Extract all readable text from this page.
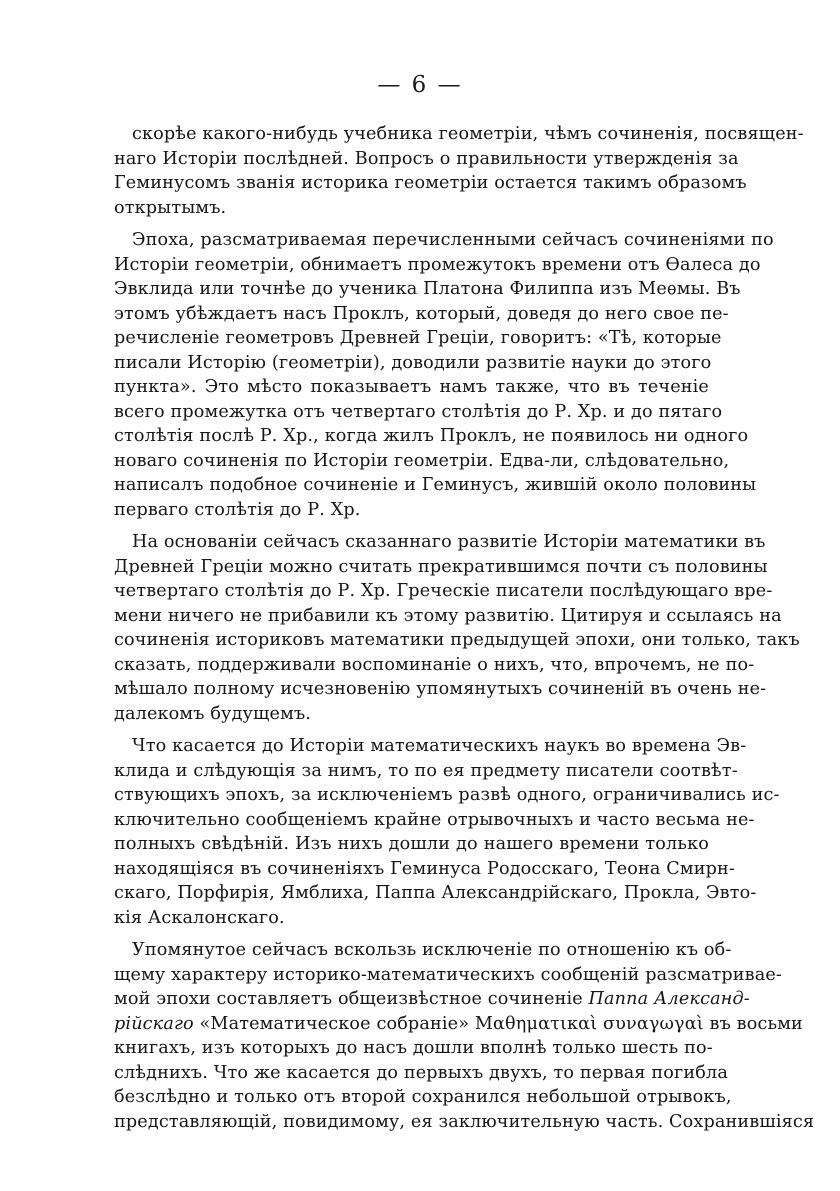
— 6 —
скорѣе какого-нибудь учебника геометріи, чѣмъ сочиненія, посвящен-
наго Исторіи послѣдней. Вопросъ о правильности утвержденія за
Геминусомъ званія историка геометріи остается такимъ образомъ
открытымъ.
Эпоха, разсматриваемая перечисленными сейчасъ сочиненіями по
Исторіи геометріи, обнимаетъ промежутокъ времени отъ Ѳалеса до
Эвклида или точнѣе до ученика Платона Филиппа изъ Меѳмы. Въ
этомъ убѣждаетъ насъ Проклъ, который, доведя до него свое пе-
речисленіе геометровъ Древней Греціи, говоритъ: «Тѣ, которые
писали Исторію (геометріи), доводили развитіе науки до этого
пункта». Это мѣсто показываетъ намъ также, что въ теченіе
всего промежутка отъ четвертаго столѣтія до Р. Хр. и до пятаго
столѣтія послѣ Р. Хр., когда жилъ Проклъ, не появилось ни одного
новаго сочиненія по Исторіи геометріи. Едва-ли, слѣдовательно,
написалъ подобное сочиненіе и Геминусъ, жившій около половины
перваго столѣтія до Р. Хр.
На основаніи сейчасъ сказаннаго развитіе Исторіи математики въ
Древней Греціи можно считать прекратившимся почти съ половины
четвертаго столѣтія до Р. Хр. Греческіе писатели послѣдующаго вре-
мени ничего не прибавили къ этому развитію. Цитируя и ссылаясь на
сочиненія историковъ математики предыдущей эпохи, они только, такъ
сказать, поддерживали воспоминаніе о нихъ, что, впрочемъ, не по-
мѣшало полному исчезновенію упомянутыхъ сочиненій въ очень не-
далекомъ будущемъ.
Что касается до Исторіи математическихъ наукъ во времена Эв-
клида и слѣдующія за нимъ, то по ея предмету писатели соотвѣт-
ствующихъ эпохъ, за исключеніемъ развѣ одного, ограничивались ис-
ключительно сообщеніемъ крайне отрывочныхъ и часто весьма не-
полныхъ свѣдѣній. Изъ нихъ дошли до нашего времени только
находящіяся въ сочиненіяхъ Геминуса Родосскаго, Теона Смирн-
скаго, Порфирія, Ямблиха, Паппа Александрійскаго, Прокла, Эвто-
кія Аскалонскаго.
Упомянутое сейчасъ вскользь исключеніе по отношенію къ об-
щему характеру историко-математическихъ сообщеній разсматривае-
мой эпохи составляетъ общеизвѣстное сочиненіе Паппа Александ-
рійскаго «Математическое собраніе» Μαθηματικαὶ συναγωγαὶ въ восьми
книгахъ, изъ которыхъ до насъ дошли вполнѣ только шесть по-
слѣднихъ. Что же касается до первыхъ двухъ, то первая погибла
безслѣдно и только отъ второй сохранился небольшой отрывокъ,
представляющій, повидимому, ея заключительную часть. Сохранившіяся
